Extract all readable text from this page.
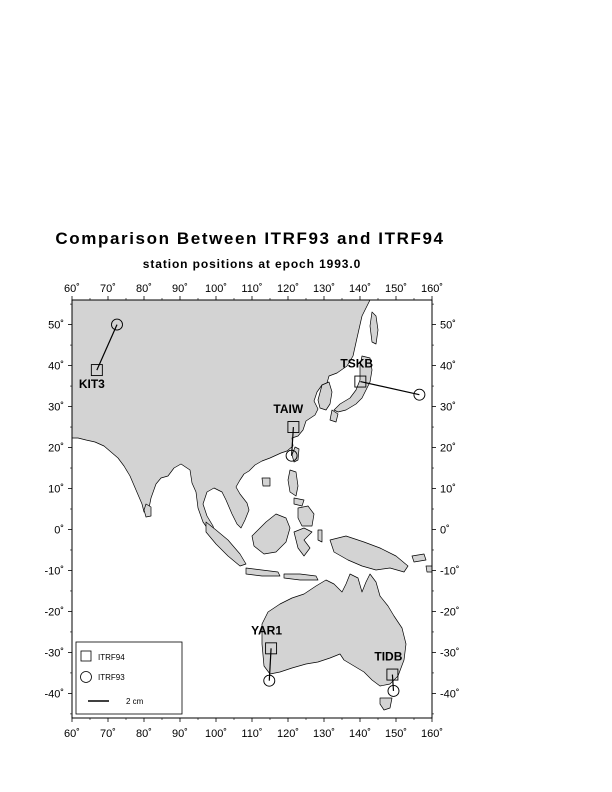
Comparison Between ITRF93 and ITRF94
station positions at epoch 1993.0
60˚
60˚
70˚
70˚
80˚
80˚
90˚
90˚
100˚
100˚
110˚
110˚
120˚
120˚
130˚
130˚
140˚
140˚
150˚
150˚
160˚
160˚
50˚	50˚
40˚	40˚
30˚	30˚
20˚	20˚
10˚	10˚
0˚	0˚
-10˚	-10˚
-20˚	-20˚
-30˚	-30˚
-40˚	-40˚
KIT3
TSKB
TAIW
YAR1
TIDB
ITRF94
ITRF93
2 cm
